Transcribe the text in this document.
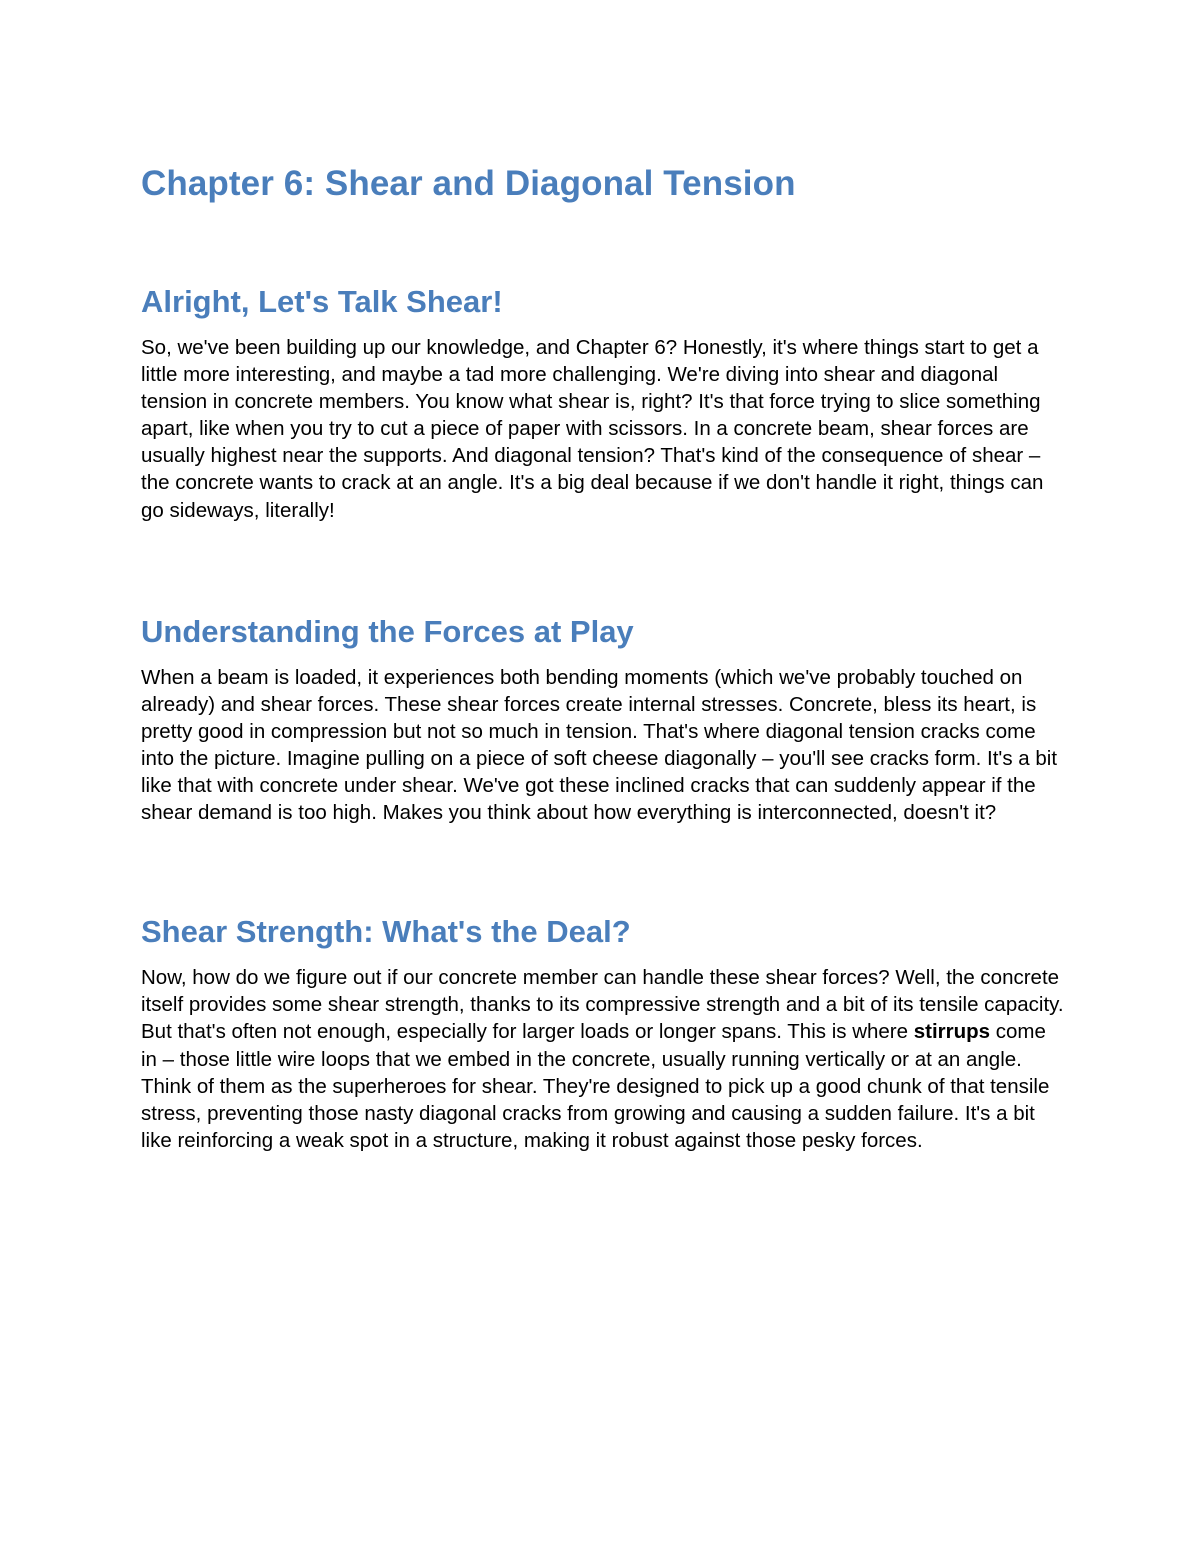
Chapter 6: Shear and Diagonal Tension
Alright, Let's Talk Shear!

So, we've been building up our knowledge, and Chapter 6? Honestly, it's where things start to get a little more interesting, and maybe a tad more challenging. We're diving into shear and diagonal tension in concrete members. You know what shear is, right? It's that force trying to slice something apart, like when you try to cut a piece of paper with scissors. In a concrete beam, shear forces are usually highest near the supports. And diagonal tension? That's kind of the consequence of shear – the concrete wants to crack at an angle. It's a big deal because if we don't handle it right, things can go sideways, literally!

Understanding the Forces at Play

When a beam is loaded, it experiences both bending moments (which we've probably touched on already) and shear forces. These shear forces create internal stresses. Concrete, bless its heart, is pretty good in compression but not so much in tension. That's where diagonal tension cracks come into the picture. Imagine pulling on a piece of soft cheese diagonally – you'll see cracks form. It's a bit like that with concrete under shear. We've got these inclined cracks that can suddenly appear if the shear demand is too high. Makes you think about how everything is interconnected, doesn't it?

Shear Strength: What's the Deal?

Now, how do we figure out if our concrete member can handle these shear forces? Well, the concrete itself provides some shear strength, thanks to its compressive strength and a bit of its tensile capacity. But that's often not enough, especially for larger loads or longer spans. This is where stirrups come in – those little wire loops that we embed in the concrete, usually running vertically or at an angle. Think of them as the superheroes for shear. They're designed to pick up a good chunk of that tensile stress, preventing those nasty diagonal cracks from growing and causing a sudden failure. It's a bit like reinforcing a weak spot in a structure, making it robust against those pesky forces.
